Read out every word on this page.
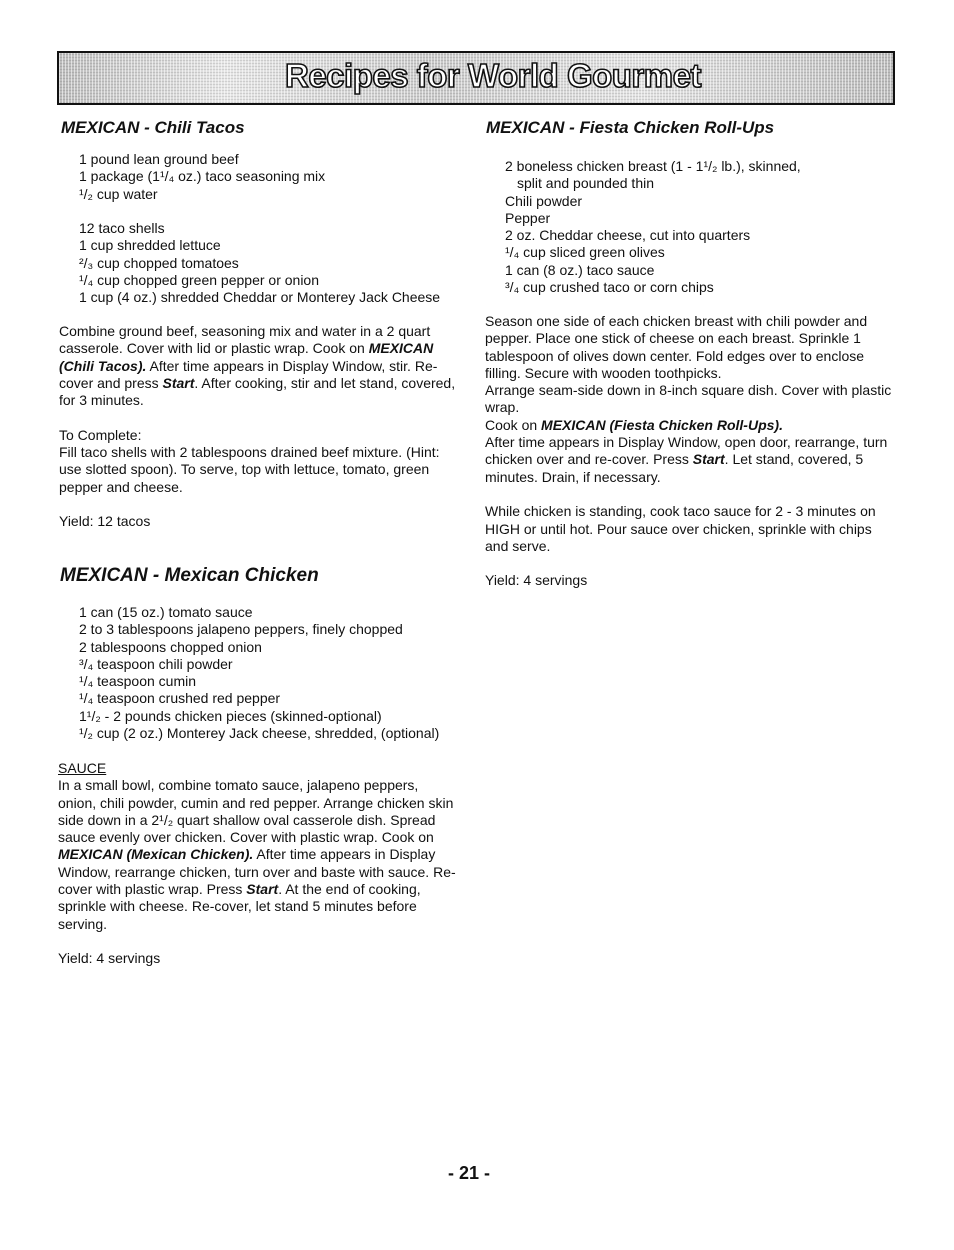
Recipes for World Gourmet
MEXICAN - Chili Tacos

1 pound lean ground beef

1 package (1¹/₄ oz.) taco seasoning mix

¹/₂ cup water

12 taco shells

1 cup shredded lettuce

²/₃ cup chopped tomatoes

¹/₄ cup chopped green pepper or onion

1 cup (4 oz.) shredded Cheddar or Monterey Jack Cheese

Combine ground beef, seasoning mix and water in a 2 quart casserole. Cover with lid or plastic wrap. Cook on MEXICAN (Chili Tacos). After time appears in Display Window, stir. Re-cover and press Start. After cooking, stir and let stand, covered, for 3 minutes.

To Complete:

Fill taco shells with 2 tablespoons drained beef mixture. (Hint: use slotted spoon). To serve, top with lettuce, tomato, green pepper and cheese.

Yield: 12 tacos

MEXICAN - Mexican Chicken

1 can (15 oz.) tomato sauce

2 to 3 tablespoons jalapeno peppers, finely chopped

2 tablespoons chopped onion

³/₄ teaspoon chili powder

¹/₄ teaspoon cumin

¹/₄ teaspoon crushed red pepper

1¹/₂ - 2 pounds chicken pieces (skinned-optional)

¹/₂ cup (2 oz.) Monterey Jack cheese, shredded, (optional)

SAUCE

In a small bowl, combine tomato sauce, jalapeno peppers, onion, chili powder, cumin and red pepper. Arrange chicken skin side down in a 2¹/₂ quart shallow oval casserole dish. Spread sauce evenly over chicken. Cover with plastic wrap. Cook on MEXICAN (Mexican Chicken). After time appears in Display Window, rearrange chicken, turn over and baste with sauce. Re-cover with plastic wrap. Press Start. At the end of cooking, sprinkle with cheese. Re-cover, let stand 5 minutes before serving.

Yield: 4 servings

MEXICAN - Fiesta Chicken Roll-Ups

2 boneless chicken breast (1 - 1¹/₂ lb.), skinned,

split and pounded thin

Chili powder

Pepper

2 oz. Cheddar cheese, cut into quarters

¹/₄ cup sliced green olives

1 can (8 oz.) taco sauce

³/₄ cup crushed taco or corn chips

Season one side of each chicken breast with chili powder and pepper. Place one stick of cheese on each breast. Sprinkle 1 tablespoon of olives down center. Fold edges over to enclose filling. Secure with wooden toothpicks.

Arrange seam-side down in 8-inch square dish. Cover with plastic wrap.

Cook on MEXICAN (Fiesta Chicken Roll-Ups).

After time appears in Display Window, open door, rearrange, turn chicken over and re-cover. Press Start. Let stand, covered, 5 minutes. Drain, if necessary.

While chicken is standing, cook taco sauce for 2 - 3 minutes on HIGH or until hot. Pour sauce over chicken, sprinkle with chips and serve.

Yield: 4 servings

- 21 -
